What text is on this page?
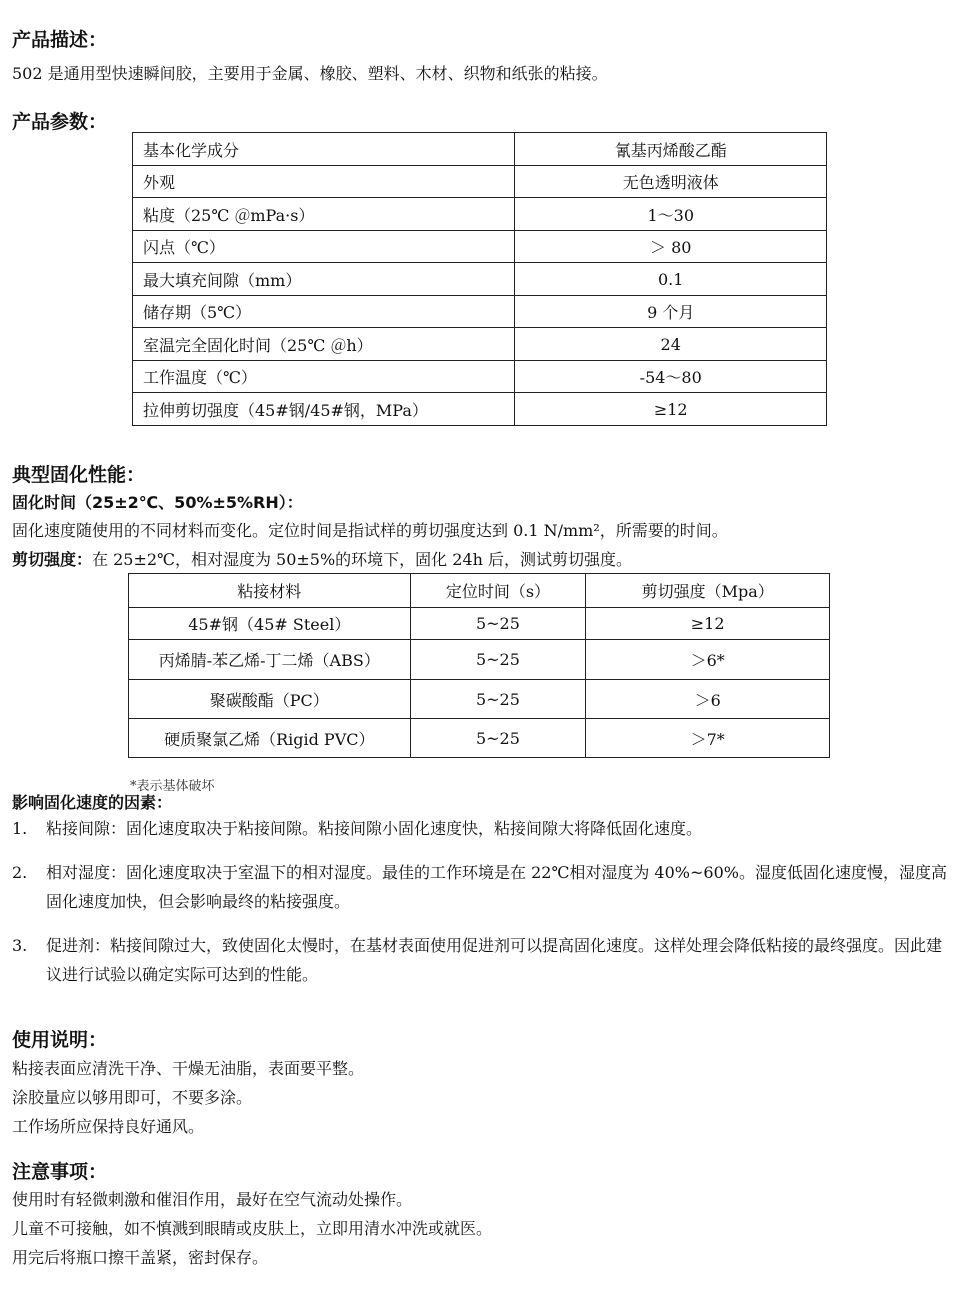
产品描述：

502 是通用型快速瞬间胶，主要用于金属、橡胶、塑料、木材、织物和纸张的粘接。

产品参数：
基本化学成分	氰基丙烯酸乙酯
外观	无色透明液体
粘度（25℃ ＠mPa·s）	1～30
闪点（℃）	＞ 80
最大填充间隙（mm）	0.1
储存期（5℃）	9 个月
室温完全固化时间（25℃ ＠h）	24
工作温度（℃）	-54～80
拉伸剪切强度（45#钢/45#钢，MPa）	≥12
典型固化性能：
固化时间（25±2℃、50%±5%RH）：

固化速度随使用的不同材料而变化。定位时间是指试样的剪切强度达到 0.1 N/mm²，所需要的时间。

剪切强度：在 25±2℃，相对湿度为 50±5%的环境下，固化 24h 后，测试剪切强度。

粘接材料	定位时间（s）	剪切强度（Mpa）
45#钢（45# Steel）	5~25	≥12
丙烯腈-苯乙烯-丁二烯（ABS）	5~25	＞6*
聚碳酸酯（PC）	5~25	＞6
硬质聚氯乙烯（Rigid PVC）	5~25	＞7*

*表示基体破坏

影响固化速度的因素：
1. 粘接间隙：固化速度取决于粘接间隙。粘接间隙小固化速度快，粘接间隙大将降低固化速度。
2. 相对湿度：固化速度取决于室温下的相对湿度。最佳的工作环境是在 22℃相对湿度为 40%~60%。湿度低固化速度慢，湿度高固化速度加快，但会影响最终的粘接强度。
3. 促进剂：粘接间隙过大，致使固化太慢时，在基材表面使用促进剂可以提高固化速度。这样处理会降低粘接的最终强度。因此建议进行试验以确定实际可达到的性能。
使用说明：

粘接表面应清洗干净、干燥无油脂，表面要平整。

涂胶量应以够用即可，不要多涂。

工作场所应保持良好通风。

注意事项：

使用时有轻微刺激和催泪作用，最好在空气流动处操作。

儿童不可接触，如不慎溅到眼睛或皮肤上，立即用清水冲洗或就医。

用完后将瓶口擦干盖紧，密封保存。
